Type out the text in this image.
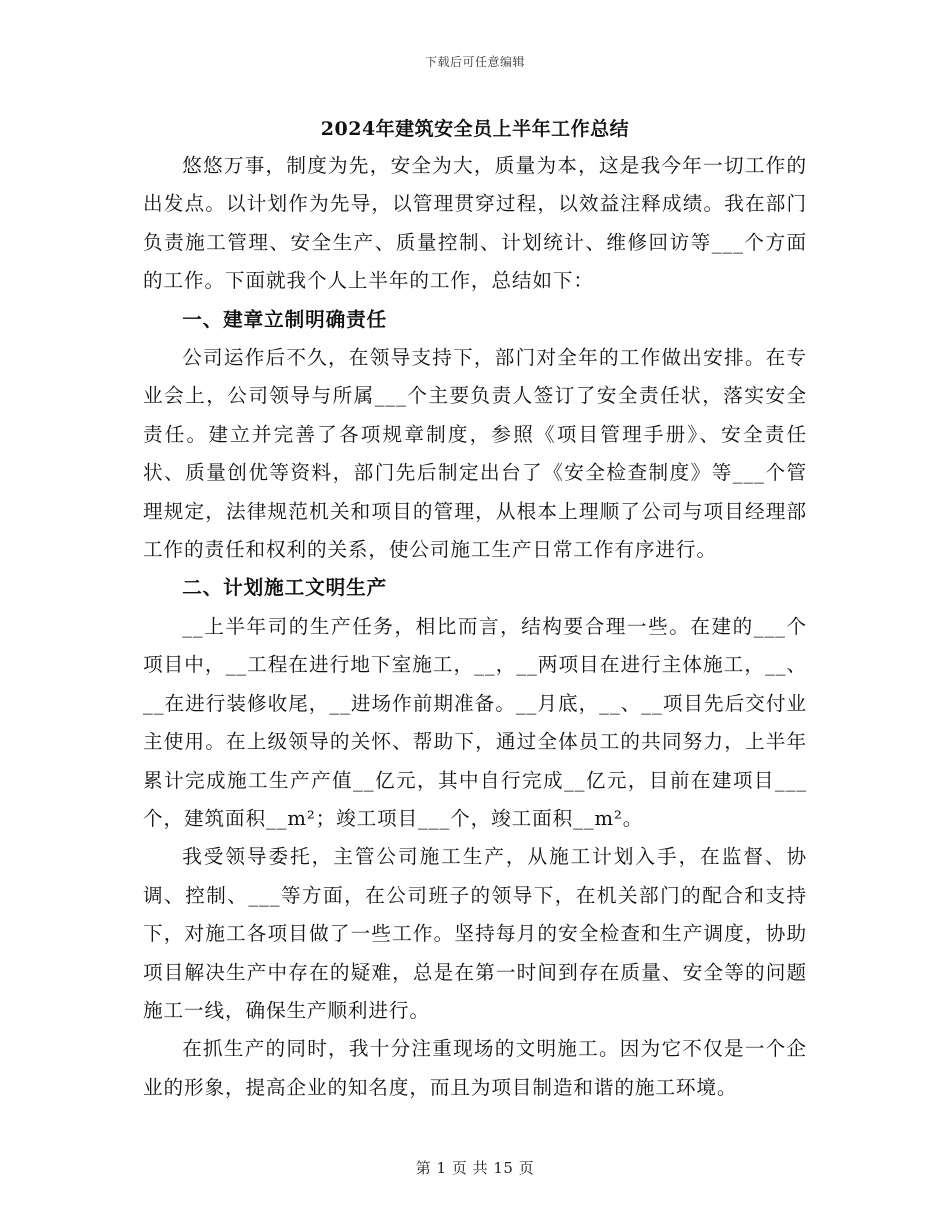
下载后可任意编辑
2024年建筑安全员上半年工作总结

悠悠万事，制度为先，安全为大，质量为本，这是我今年一切工作的出发点。以计划作为先导，以管理贯穿过程，以效益注释成绩。我在部门负责施工管理、安全生产、质量控制、计划统计、维修回访等___个方面的工作。下面就我个人上半年的工作，总结如下：

一、建章立制明确责任

公司运作后不久，在领导支持下，部门对全年的工作做出安排。在专业会上，公司领导与所属___个主要负责人签订了安全责任状，落实安全责任。建立并完善了各项规章制度，参照《项目管理手册》、安全责任状、质量创优等资料，部门先后制定出台了《安全检查制度》等___个管理规定，法律规范机关和项目的管理，从根本上理顺了公司与项目经理部工作的责任和权利的关系，使公司施工生产日常工作有序进行。

二、计划施工文明生产

__上半年司的生产任务，相比而言，结构要合理一些。在建的___个项目中，__工程在进行地下室施工，__，__两项目在进行主体施工，__、__在进行装修收尾，__进场作前期准备。__月底，__、__项目先后交付业主使用。在上级领导的关怀、帮助下，通过全体员工的共同努力，上半年累计完成施工生产产值__亿元，其中自行完成__亿元，目前在建项目___个，建筑面积__m²；竣工项目___个，竣工面积__m²。

我受领导委托，主管公司施工生产，从施工计划入手，在监督、协调、控制、___等方面，在公司班子的领导下，在机关部门的配合和支持下，对施工各项目做了一些工作。坚持每月的安全检查和生产调度，协助项目解决生产中存在的疑难，总是在第一时间到存在质量、安全等的问题施工一线，确保生产顺利进行。

在抓生产的同时，我十分注重现场的文明施工。因为它不仅是一个企业的形象，提高企业的知名度，而且为项目制造和谐的施工环境。

第 1 页 共 15 页
